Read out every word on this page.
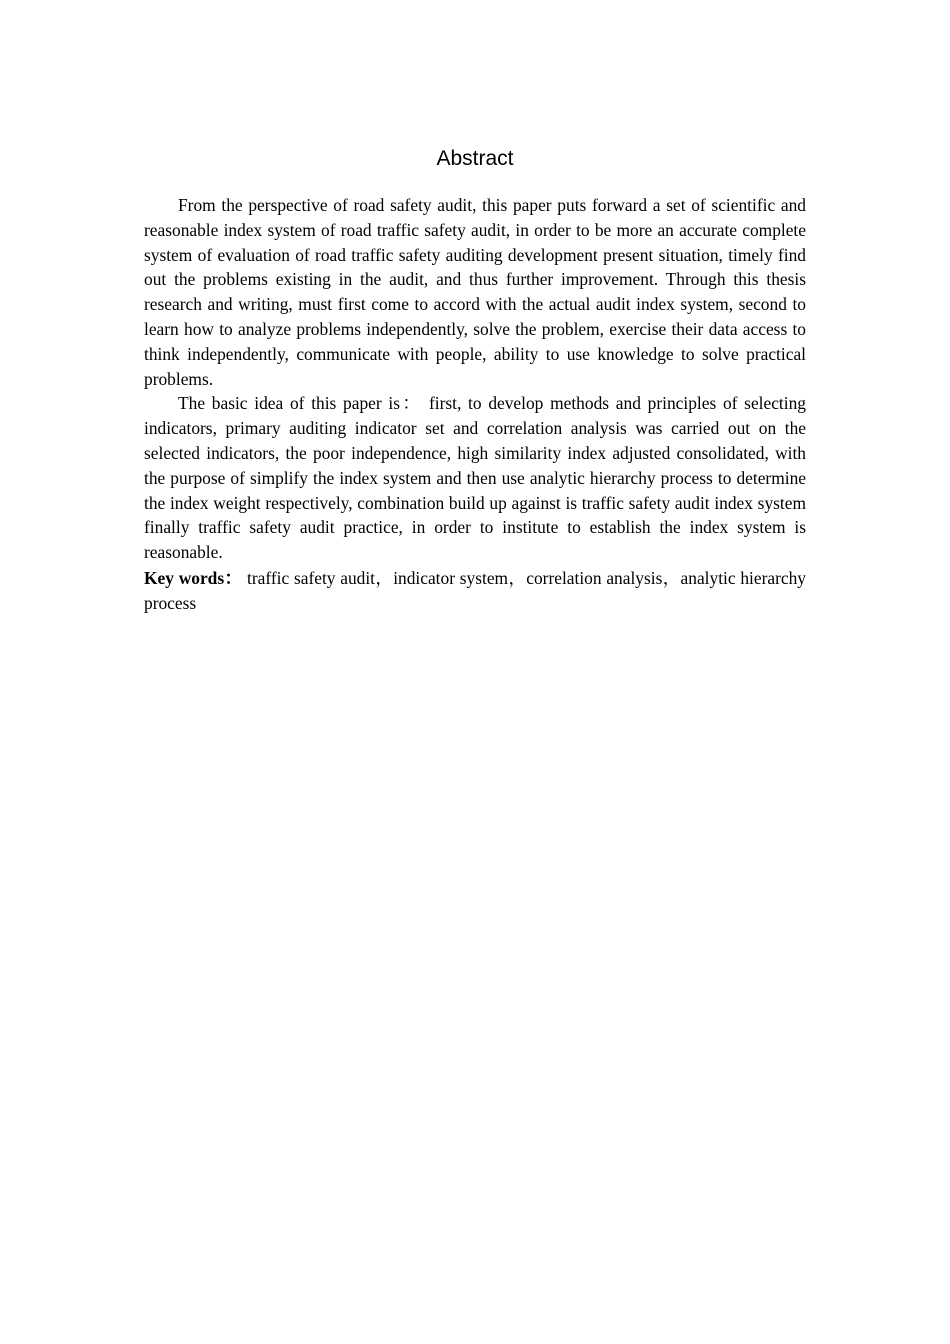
Abstract

From the perspective of road safety audit, this paper puts forward a set of scientific and reasonable index system of road traffic safety audit, in order to be more an accurate complete system of evaluation of road traffic safety auditing development present situation, timely find out the problems existing in the audit, and thus further improvement. Through this thesis research and writing, must first come to accord with the actual audit index system, second to learn how to analyze problems independently, solve the problem, exercise their data access to think independently, communicate with people, ability to use knowledge to solve practical problems.

The basic idea of this paper is： first, to develop methods and principles of selecting indicators, primary auditing indicator set and correlation analysis was carried out on the selected indicators, the poor independence, high similarity index adjusted consolidated, with the purpose of simplify the index system and then use analytic hierarchy process to determine the index weight respectively, combination build up against is traffic safety audit index system finally traffic safety audit practice, in order to institute to establish the index system is reasonable.

Key words： traffic safety audit，indicator system，correlation analysis，analytic hierarchy process
